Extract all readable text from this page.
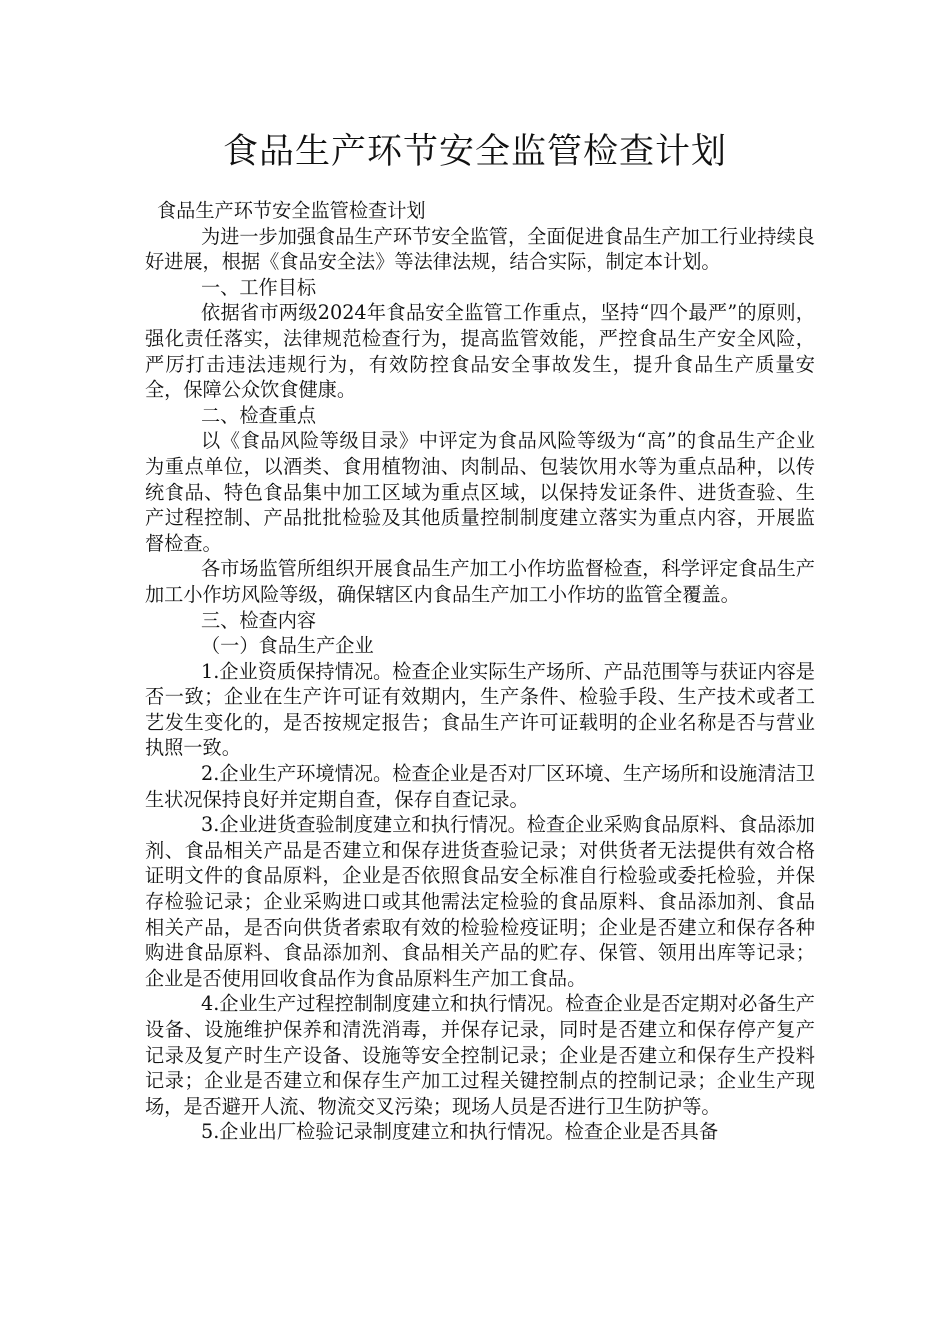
食品生产环节安全监管检查计划

食品生产环节安全监管检查计划

为进一步加强食品生产环节安全监管，全面促进食品生产加工行业持续良好进展，根据《食品安全法》等法律法规，结合实际，制定本计划。

一、工作目标

依据省市两级2024年食品安全监管工作重点，坚持“四个最严”的原则，强化责任落实，法律规范检查行为，提高监管效能，严控食品生产安全风险，严厉打击违法违规行为，有效防控食品安全事故发生，提升食品生产质量安全，保障公众饮食健康。

二、检查重点

以《食品风险等级目录》中评定为食品风险等级为“高”的食品生产企业为重点单位，以酒类、食用植物油、肉制品、包装饮用水等为重点品种，以传统食品、特色食品集中加工区域为重点区域，以保持发证条件、进货查验、生产过程控制、产品批批检验及其他质量控制制度建立落实为重点内容，开展监督检查。

各市场监管所组织开展食品生产加工小作坊监督检查，科学评定食品生产加工小作坊风险等级，确保辖区内食品生产加工小作坊的监管全覆盖。

三、检查内容

（一）食品生产企业

1.企业资质保持情况。检查企业实际生产场所、产品范围等与获证内容是否一致；企业在生产许可证有效期内，生产条件、检验手段、生产技术或者工艺发生变化的，是否按规定报告；食品生产许可证载明的企业名称是否与营业执照一致。

2.企业生产环境情况。检查企业是否对厂区环境、生产场所和设施清洁卫生状况保持良好并定期自查，保存自查记录。

3.企业进货查验制度建立和执行情况。检查企业采购食品原料、食品添加剂、食品相关产品是否建立和保存进货查验记录；对供货者无法提供有效合格证明文件的食品原料，企业是否依照食品安全标准自行检验或委托检验，并保存检验记录；企业采购进口或其他需法定检验的食品原料、食品添加剂、食品相关产品，是否向供货者索取有效的检验检疫证明；企业是否建立和保存各种购进食品原料、食品添加剂、食品相关产品的贮存、保管、领用出库等记录；企业是否使用回收食品作为食品原料生产加工食品。

4.企业生产过程控制制度建立和执行情况。检查企业是否定期对必备生产设备、设施维护保养和清洗消毒，并保存记录，同时是否建立和保存停产复产记录及复产时生产设备、设施等安全控制记录；企业是否建立和保存生产投料记录；企业是否建立和保存生产加工过程关键控制点的控制记录；企业生产现场，是否避开人流、物流交叉污染；现场人员是否进行卫生防护等。

5.企业出厂检验记录制度建立和执行情况。检查企业是否具备
